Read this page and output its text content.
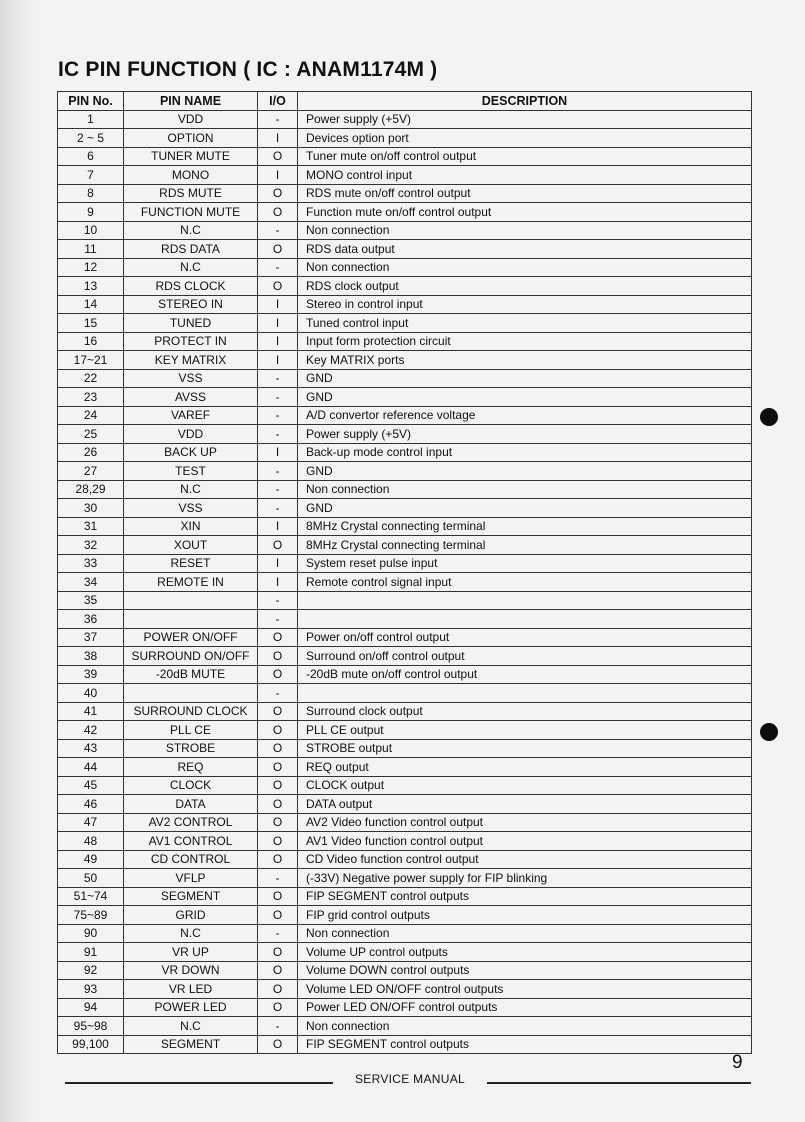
IC PIN FUNCTION ( IC : ANAM1174M )
PIN No.	PIN NAME	I/O	DESCRIPTION
1	VDD	-	Power supply (+5V)
2 ~ 5	OPTION	I	Devices option port
6	TUNER MUTE	O	Tuner mute on/off control output
7	MONO	I	MONO control input
8	RDS MUTE	O	RDS mute on/off control output
9	FUNCTION MUTE	O	Function mute on/off control output
10	N.C	-	Non connection
11	RDS DATA	O	RDS data output
12	N.C	-	Non connection
13	RDS CLOCK	O	RDS clock output
14	STEREO IN	I	Stereo in control input
15	TUNED	I	Tuned control input
16	PROTECT IN	I	Input form protection circuit
17~21	KEY MATRIX	I	Key MATRIX ports
22	VSS	-	GND
23	AVSS	-	GND
24	VAREF	-	A/D convertor reference voltage
25	VDD	-	Power supply (+5V)
26	BACK UP	I	Back-up mode control input
27	TEST	-	GND
28,29	N.C	-	Non connection
30	VSS	-	GND
31	XIN	I	8MHz Crystal connecting terminal
32	XOUT	O	8MHz Crystal connecting terminal
33	RESET	I	System reset pulse input
34	REMOTE IN	I	Remote control signal input
35		-	
36		-	
37	POWER ON/OFF	O	Power on/off control output
38	SURROUND ON/OFF	O	Surround on/off control output
39	-20dB MUTE	O	-20dB mute on/off control output
40		-	
41	SURROUND CLOCK	O	Surround clock output
42	PLL CE	O	PLL CE output
43	STROBE	O	STROBE output
44	REQ	O	REQ output
45	CLOCK	O	CLOCK output
46	DATA	O	DATA output
47	AV2 CONTROL	O	AV2 Video function control output
48	AV1 CONTROL	O	AV1 Video function control output
49	CD CONTROL	O	CD Video function control output
50	VFLP	-	(-33V) Negative power supply for FIP blinking
51~74	SEGMENT	O	FIP SEGMENT control outputs
75~89	GRID	O	FIP grid control outputs
90	N.C	-	Non connection
91	VR UP	O	Volume UP control outputs
92	VR DOWN	O	Volume DOWN control outputs
93	VR LED	O	Volume LED ON/OFF control outputs
94	POWER LED	O	Power LED ON/OFF control outputs
95~98	N.C	-	Non connection
99,100	SEGMENT	O	FIP SEGMENT control outputs
9
SERVICE MANUAL
